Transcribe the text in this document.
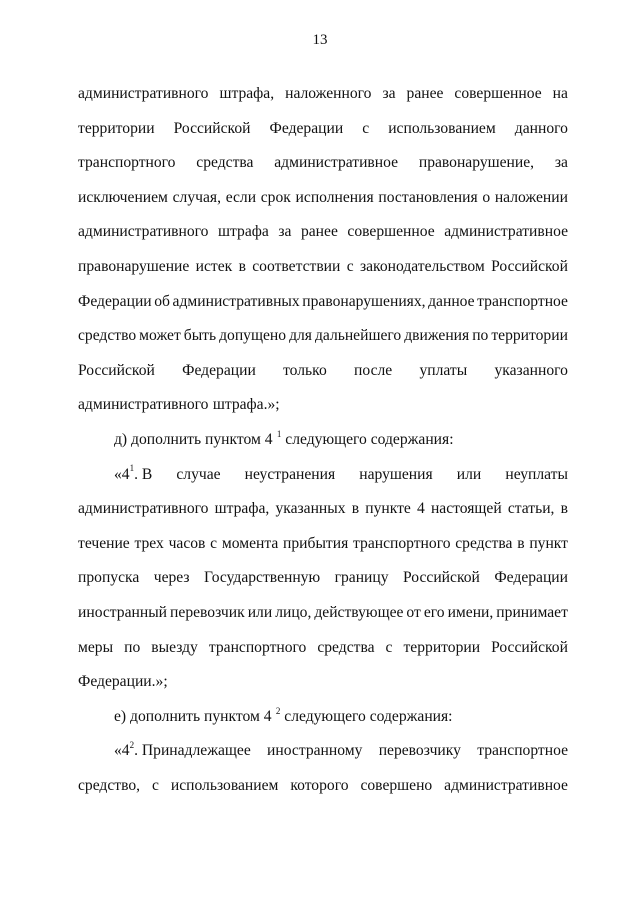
13
административного штрафа, наложенного за ранее совершенное на
территории Российской Федерации с использованием данного
транспортного средства административное правонарушение, за
исключением случая, если срок исполнения постановления о наложении
административного штрафа за ранее совершенное административное
правонарушение истек в соответствии с законодательством Российской
Федерации об административных правонарушениях, данное транспортное
средство может быть допущено для дальнейшего движения по территории
Российской Федерации только после уплаты указанного
административного штрафа.»;
д) дополнить пунктом 4 $^1$ следующего содержания:
«$4^1$. В случае неустранения нарушения или неуплаты
административного штрафа, указанных в пункте 4 настоящей статьи, в
течение трех часов с момента прибытия транспортного средства в пункт
пропуска через Государственную границу Российской Федерации
иностранный перевозчик или лицо, действующее от его имени, принимает
меры по выезду транспортного средства с территории Российской
Федерации.»;
е) дополнить пунктом 4 $^2$ следующего содержания:
«$4^2$. Принадлежащее иностранному перевозчику транспортное
средство, с использованием которого совершено административное
